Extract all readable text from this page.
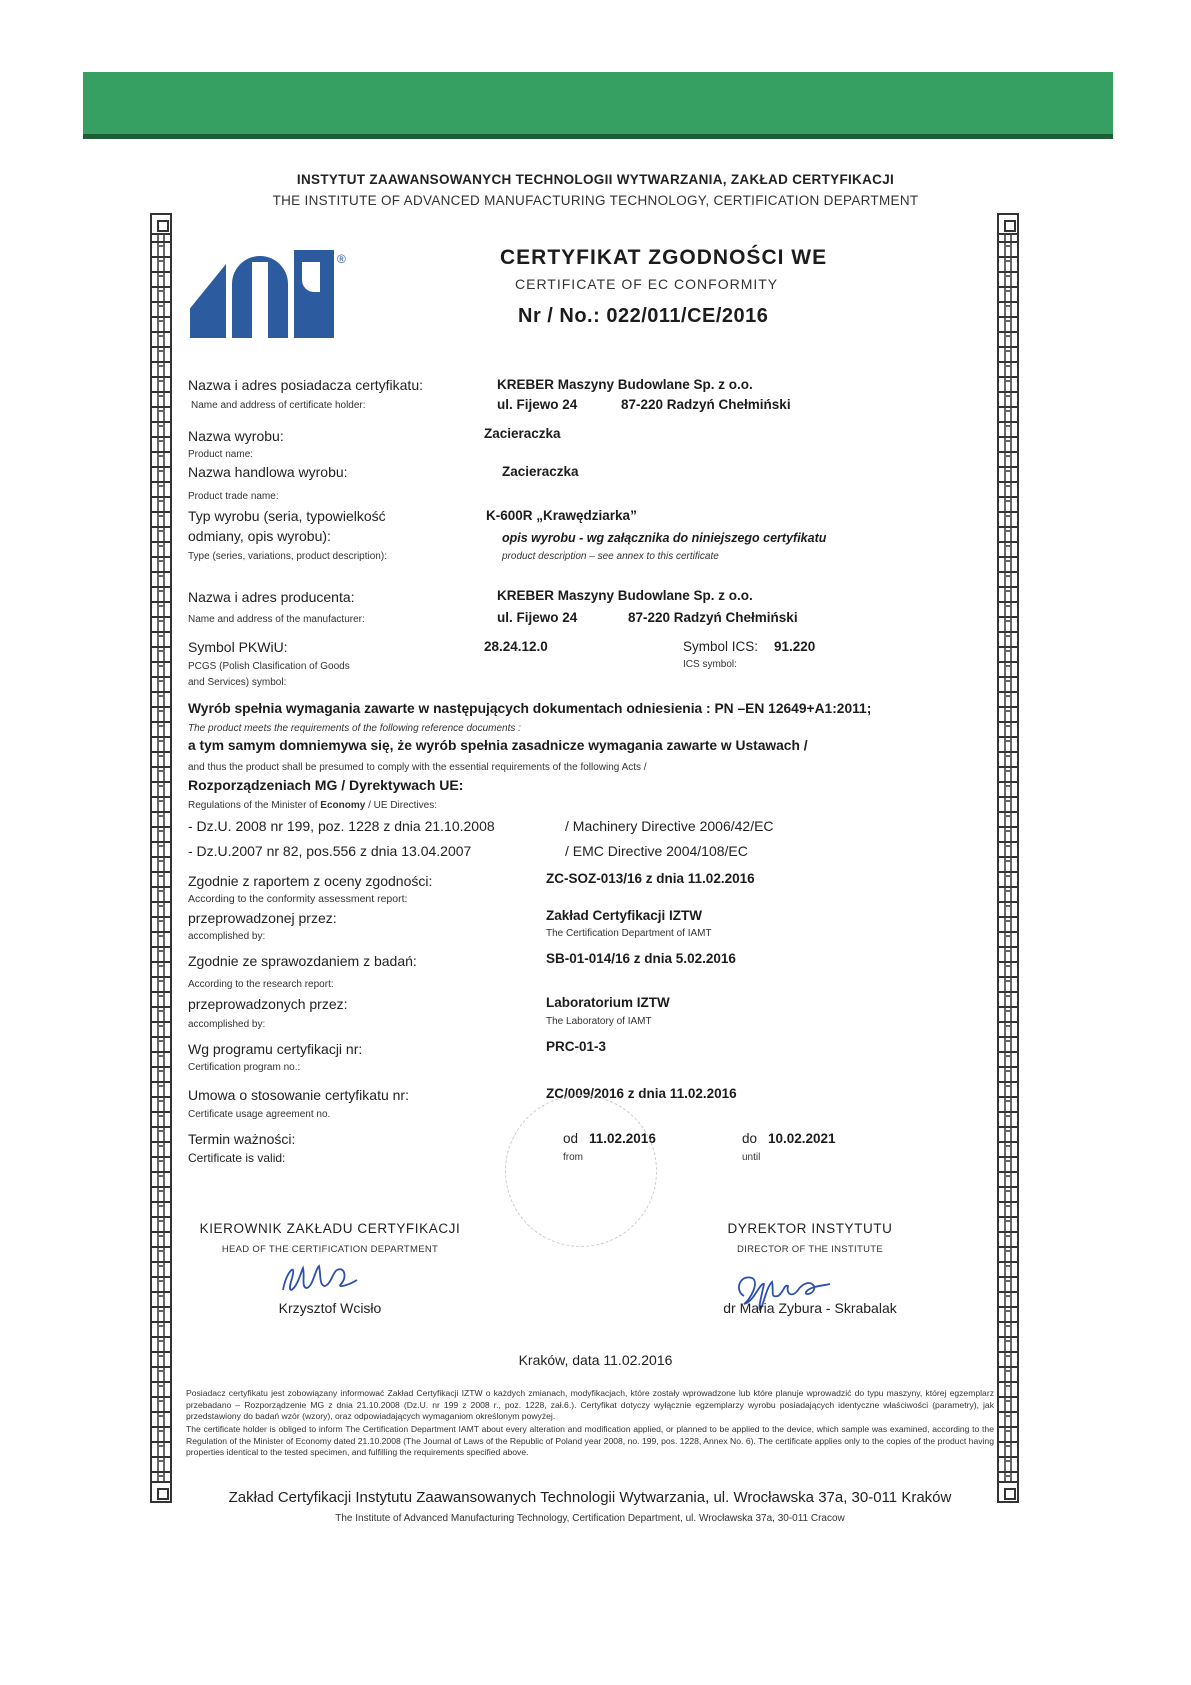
INSTYTUT ZAAWANSOWANYCH TECHNOLOGII WYTWARZANIA, ZAKŁAD CERTYFIKACJI
THE INSTITUTE OF ADVANCED MANUFACTURING TECHNOLOGY, CERTIFICATION DEPARTMENT
®	CERTYFIKAT ZGODNOŚCI WE
CERTIFICATE OF EC CONFORMITY
Nr / No.: 022/011/CE/2016
Nazwa i adres posiadacza certyfikatu:
Name and address of certificate holder:
KREBER Maszyny Budowlane Sp. z o.o.
ul. Fijewo 24	87-220 Radzyń Chełmiński
Nazwa wyrobu:
Product name:
Zacieraczka
Nazwa handlowa wyrobu:
Product trade name:
Zacieraczka
Typ wyrobu (seria, typowielkość
odmiany, opis wyrobu):
Type (series, variations, product description):
K-600R „Krawędziarka”
opis wyrobu - wg załącznika do niniejszego certyfikatu
product description – see annex to this certificate
Nazwa i adres producenta:
Name and address of the manufacturer:
KREBER Maszyny Budowlane Sp. z o.o.
ul. Fijewo 24	87-220 Radzyń Chełmiński
Symbol PKWiU:
PCGS (Polish Clasification of Goods
and Services) symbol:
28.24.12.0	Symbol ICS: 91.220
ICS symbol:
Wyrób spełnia wymagania zawarte w następujących dokumentach odniesienia : PN –EN 12649+A1:2011;
The product meets the requirements of the following reference documents :
a tym samym domniemywa się, że wyrób spełnia zasadnicze wymagania zawarte w Ustawach /
and thus the product shall be presumed to comply with the essential requirements of the following Acts /
Rozporządzeniach MG / Dyrektywach UE:
Regulations of the Minister of Economy / UE Directives:
- Dz.U. 2008 nr 199, poz. 1228 z dnia 21.10.2008	/ Machinery Directive 2006/42/EC
- Dz.U.2007 nr 82, pos.556 z dnia 13.04.2007	/ EMC Directive 2004/108/EC
Zgodnie z raportem z oceny zgodności:
According to the conformity assessment report:
ZC-SOZ-013/16 z dnia 11.02.2016
przeprowadzonej przez:
accomplished by:
Zakład Certyfikacji IZTW
The Certification Department of IAMT
Zgodnie ze sprawozdaniem z badań:
According to the research report:
SB-01-014/16 z dnia 5.02.2016
przeprowadzonych przez:
accomplished by:
Laboratorium IZTW
The Laboratory of IAMT
Wg programu certyfikacji nr:
Certification program no.:
PRC-01-3
Umowa o stosowanie certyfikatu nr:
Certificate usage agreement no.
ZC/009/2016 z dnia 11.02.2016
Termin ważności:
Certificate is valid:
od 11.02.2016
from
do 10.02.2021
until
KIEROWNIK ZAKŁADU CERTYFIKACJI
HEAD OF THE CERTIFICATION DEPARTMENT
Krzysztof Wcisło
DYREKTOR INSTYTUTU
DIRECTOR OF THE INSTITUTE
dr Maria Zybura - Skrabalak
Kraków, data 11.02.2016
Posiadacz certyfikatu jest zobowiązany informować Zakład Certyfikacji IZTW o każdych zmianach, modyfikacjach, które zostały wprowadzone lub które planuje wprowadzić do typu maszyny, której egzemplarz przebadano – Rozporządzenie MG z dnia 21.10.2008 (Dz.U. nr 199 z 2008 r., poz. 1228, zał.6.). Certyfikat dotyczy wyłącznie egzemplarzy wyrobu posiadających identyczne właściwości (parametry), jak przedstawiony do badań wzór (wzory), oraz odpowiadających wymaganiom określonym powyżej.
The certificate holder is obliged to inform The Certification Department IAMT about every alteration and modification applied, or planned to be applied to the device, which sample was examined, according to the Regulation of the Minister of Economy dated 21.10.2008 (The Journal of Laws of the Republic of Poland year 2008, no. 199, pos. 1228, Annex No. 6). The certificate applies only to the copies of the product having properties identical to the tested specimen, and fulfilling the requirements specified above.
Zakład Certyfikacji Instytutu Zaawansowanych Technologii Wytwarzania, ul. Wrocławska 37a, 30-011 Kraków
The Institute of Advanced Manufacturing Technology, Certification Department, ul. Wrocławska 37a, 30-011 Cracow
